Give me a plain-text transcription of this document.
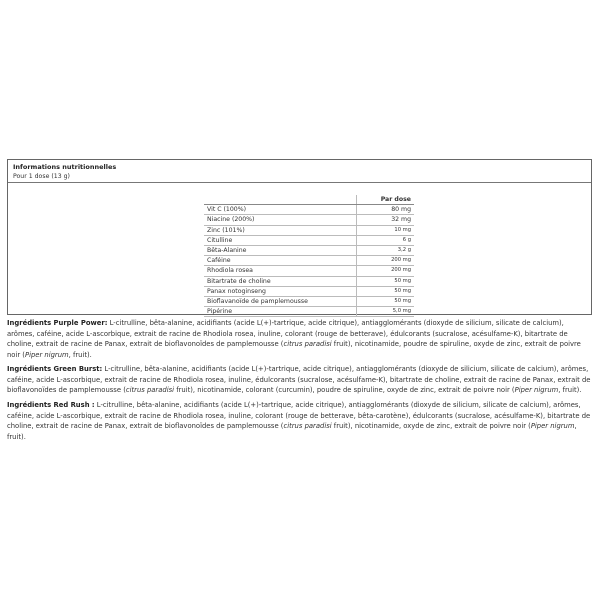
Informations nutritionnelles
Pour 1 dose (13 g)
	Par dose
Vit C (100%)	80 mg
Niacine (200%)	32 mg
Zinc (101%)	10 mg
Citulline	6 g
Bêta-Alanine	3,2 g
Caféine	200 mg
Rhodiola rosea	200 mg
Bitartrate de choline	50 mg
Panax notoginseng	50 mg
Bioflavanoïde de pamplemousse	50 mg
Pipérine	5,0 mg
Ingrédients Purple Power: L-citrulline, bêta-alanine, acidifiants (acide L(+)-tartrique, acide citrique), antiagglomérants (dioxyde de silicium, silicate de calcium), arômes, caféine, acide L-ascorbique, extrait de racine de Rhodiola rosea, inuline, colorant (rouge de betterave), édulcorants (sucralose, acésulfame-K), bitartrate de choline, extrait de racine de Panax, extrait de bioflavonoïdes de pamplemousse (citrus paradisi fruit), nicotinamide, poudre de spiruline, oxyde de zinc, extrait de poivre noir (Piper nigrum, fruit).
Ingrédients Green Burst: L-citrulline, bêta-alanine, acidifiants (acide L(+)-tartrique, acide citrique), antiagglomérants (dioxyde de silicium, silicate de calcium), arômes, caféine, acide L-ascorbique, extrait de racine de Rhodiola rosea, inuline, édulcorants (sucralose, acésulfame-K), bitartrate de choline, extrait de racine de Panax, extrait de bioflavonoïdes de pamplemousse (citrus paradisi fruit), nicotinamide, colorant (curcumin), poudre de spiruline, oxyde de zinc, extrait de poivre noir (Piper nigrum, fruit).
Ingrédients Red Rush : L-citrulline, bêta-alanine, acidifiants (acide L(+)-tartrique, acide citrique), antiagglomérants (dioxyde de silicium, silicate de calcium), arômes, caféine, acide L-ascorbique, extrait de racine de Rhodiola rosea, inuline, colorant (rouge de betterave, bêta-carotène), édulcorants (sucralose, acésulfame-K), bitartrate de choline, extrait de racine de Panax, extrait de bioflavonoïdes de pamplemousse (citrus paradisi fruit), nicotinamide, oxyde de zinc, extrait de poivre noir (Piper nigrum, fruit).
